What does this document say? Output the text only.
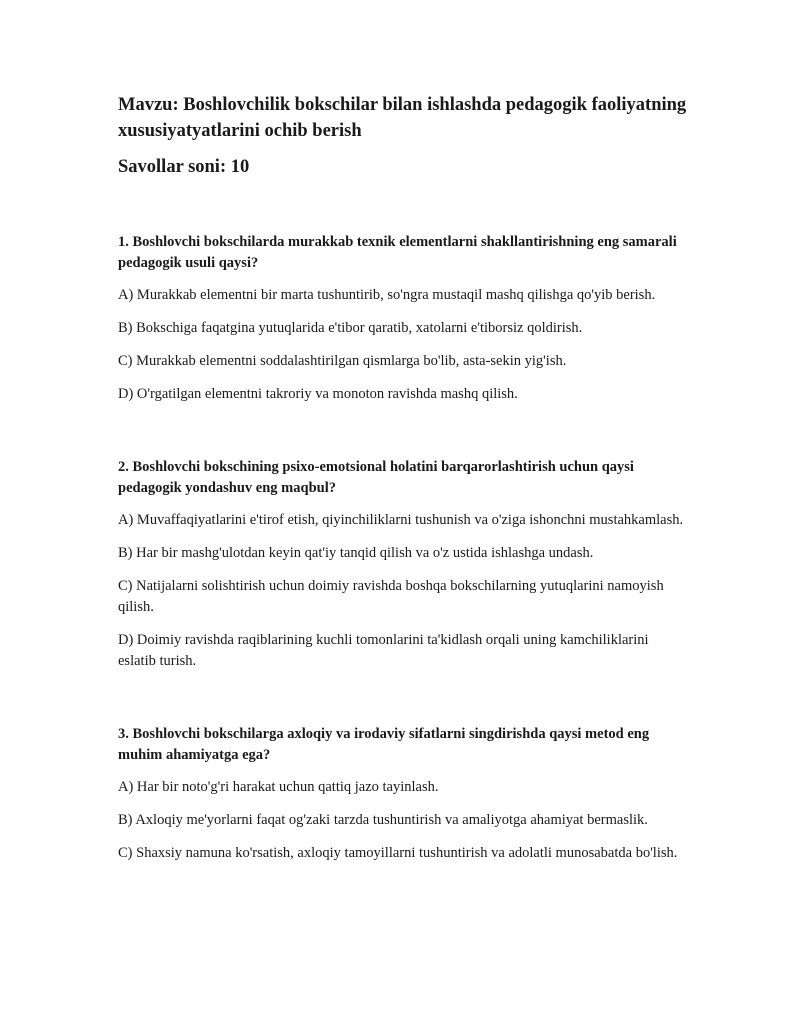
Mavzu: Boshlovchilik bokschilar bilan ishlashda pedagogik faoliyatning xususiyatyatlarini ochib berish
Savollar soni: 10

1. Boshlovchi bokschilarda murakkab texnik elementlarni shakllantirishning eng samarali pedagogik usuli qaysi?

A) Murakkab elementni bir marta tushuntirib, so'ngra mustaqil mashq qilishga qo'yib berish.

B) Bokschiga faqatgina yutuqlarida e'tibor qaratib, xatolarni e'tiborsiz qoldirish.

C) Murakkab elementni soddalashtirilgan qismlarga bo'lib, asta-sekin yig'ish.

D) O'rgatilgan elementni takroriy va monoton ravishda mashq qilish.

2. Boshlovchi bokschining psixo-emotsional holatini barqarorlashtirish uchun qaysi pedagogik yondashuv eng maqbul?

A) Muvaffaqiyatlarini e'tirof etish, qiyinchiliklarni tushunish va o'ziga ishonchni mustahkamlash.

B) Har bir mashg'ulotdan keyin qat'iy tanqid qilish va o'z ustida ishlashga undash.

C) Natijalarni solishtirish uchun doimiy ravishda boshqa bokschilarning yutuqlarini namoyish qilish.

D) Doimiy ravishda raqiblarining kuchli tomonlarini ta'kidlash orqali uning kamchiliklarini eslatib turish.

3. Boshlovchi bokschilarga axloqiy va irodaviy sifatlarni singdirishda qaysi metod eng muhim ahamiyatga ega?

A) Har bir noto'g'ri harakat uchun qattiq jazo tayinlash.

B) Axloqiy me'yorlarni faqat og'zaki tarzda tushuntirish va amaliyotga ahamiyat bermaslik.

C) Shaxsiy namuna ko'rsatish, axloqiy tamoyillarni tushuntirish va adolatli munosabatda bo'lish.
